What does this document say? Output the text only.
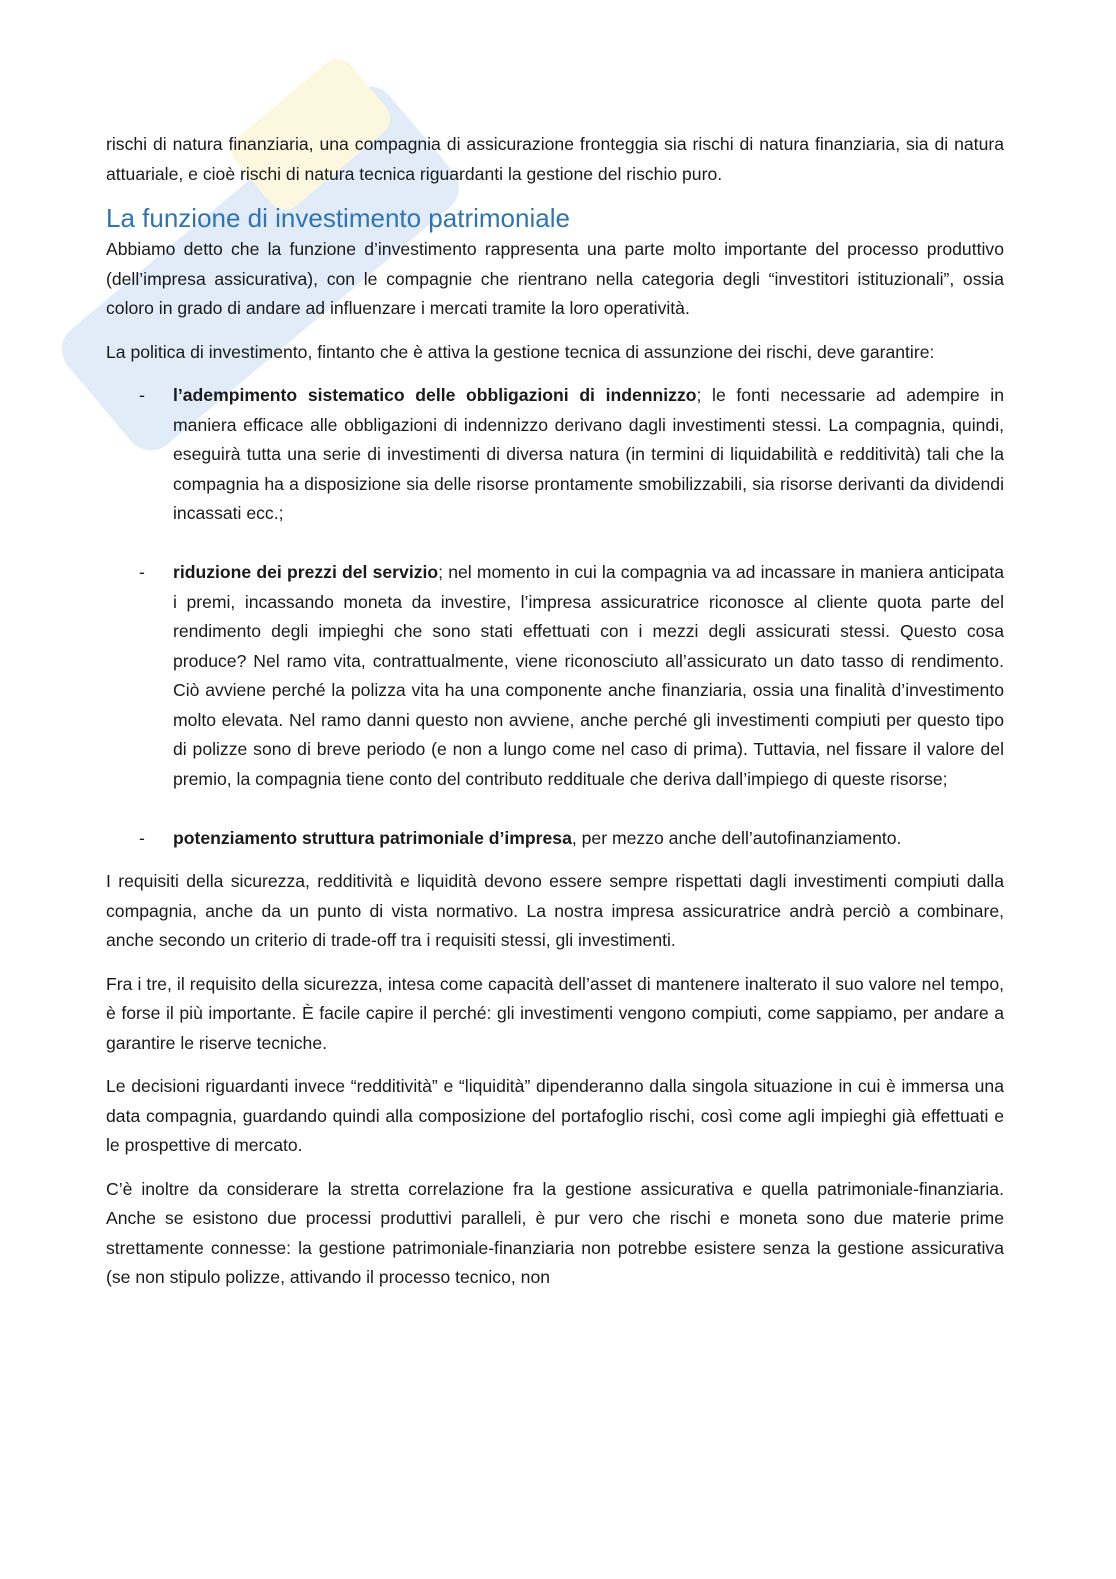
rischi di natura finanziaria, una compagnia di assicurazione fronteggia sia rischi di natura finanziaria, sia di natura attuariale, e cioè rischi di natura tecnica riguardanti la gestione del rischio puro.

La funzione di investimento patrimoniale

Abbiamo detto che la funzione d’investimento rappresenta una parte molto importante del processo produttivo (dell’impresa assicurativa), con le compagnie che rientrano nella categoria degli “investitori istituzionali”, ossia coloro in grado di andare ad influenzare i mercati tramite la loro operatività.

La politica di investimento, fintanto che è attiva la gestione tecnica di assunzione dei rischi, deve garantire:

- l’adempimento sistematico delle obbligazioni di indennizzo; le fonti necessarie ad adempire in maniera efficace alle obbligazioni di indennizzo derivano dagli investimenti stessi. La compagnia, quindi, eseguirà tutta una serie di investimenti di diversa natura (in termini di liquidabilità e redditività) tali che la compagnia ha a disposizione sia delle risorse prontamente smobilizzabili, sia risorse derivanti da dividendi incassati ecc.;
- riduzione dei prezzi del servizio; nel momento in cui la compagnia va ad incassare in maniera anticipata i premi, incassando moneta da investire, l’impresa assicuratrice riconosce al cliente quota parte del rendimento degli impieghi che sono stati effettuati con i mezzi degli assicurati stessi. Questo cosa produce? Nel ramo vita, contrattualmente, viene riconosciuto all’assicurato un dato tasso di rendimento. Ciò avviene perché la polizza vita ha una componente anche finanziaria, ossia una finalità d’investimento molto elevata. Nel ramo danni questo non avviene, anche perché gli investimenti compiuti per questo tipo di polizze sono di breve periodo (e non a lungo come nel caso di prima). Tuttavia, nel fissare il valore del premio, la compagnia tiene conto del contributo reddituale che deriva dall’impiego di queste risorse;
- potenziamento struttura patrimoniale d’impresa, per mezzo anche dell’autofinanziamento.

I requisiti della sicurezza, redditività e liquidità devono essere sempre rispettati dagli investimenti compiuti dalla compagnia, anche da un punto di vista normativo. La nostra impresa assicuratrice andrà perciò a combinare, anche secondo un criterio di trade-off tra i requisiti stessi, gli investimenti.

Fra i tre, il requisito della sicurezza, intesa come capacità dell’asset di mantenere inalterato il suo valore nel tempo, è forse il più importante. È facile capire il perché: gli investimenti vengono compiuti, come sappiamo, per andare a garantire le riserve tecniche.

Le decisioni riguardanti invece “redditività” e “liquidità” dipenderanno dalla singola situazione in cui è immersa una data compagnia, guardando quindi alla composizione del portafoglio rischi, così come agli impieghi già effettuati e le prospettive di mercato.

C’è inoltre da considerare la stretta correlazione fra la gestione assicurativa e quella patrimoniale-finanziaria. Anche se esistono due processi produttivi paralleli, è pur vero che rischi e moneta sono due materie prime strettamente connesse: la gestione patrimoniale-finanziaria non potrebbe esistere senza la gestione assicurativa (se non stipulo polizze, attivando il processo tecnico, non
